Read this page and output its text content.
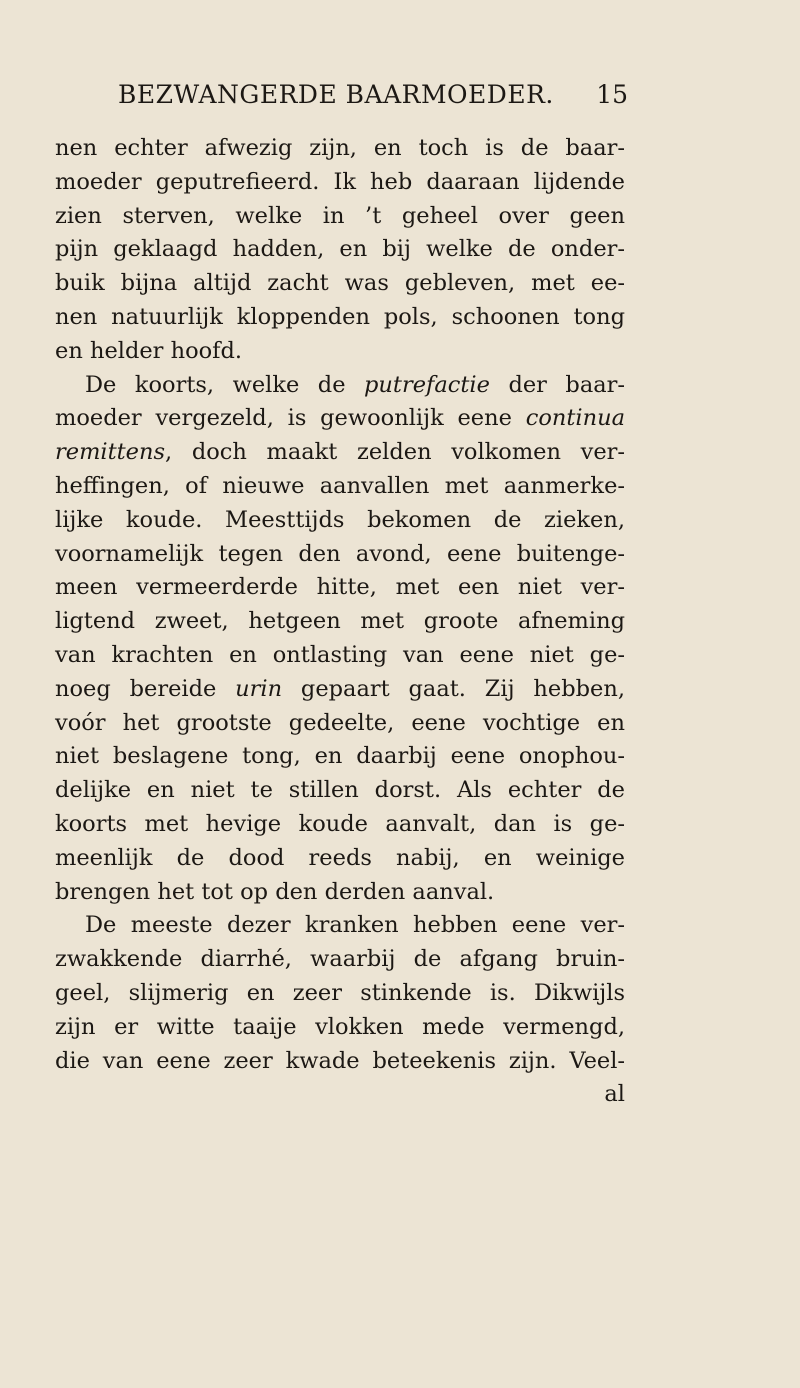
BEZWANGERDE BAARMOEDER. 15
nen echter afwezig zijn, en toch is de baar-
moeder geputrefieerd. Ik heb daaraan lijdende
zien sterven, welke in ’t geheel over geen
pijn geklaagd hadden, en bij welke de onder-
buik bijna altijd zacht was gebleven, met ee-
nen natuurlijk kloppenden pols, schoonen tong
en helder hoofd.
De koorts, welke de putrefactie der baar-
moeder vergezeld, is gewoonlijk eene continua
remittens, doch maakt zelden volkomen ver-
heffingen, of nieuwe aanvallen met aanmerke-
lijke koude. Meesttijds bekomen de zieken,
voornamelijk tegen den avond, eene buitenge-
meen vermeerderde hitte, met een niet ver-
ligtend zweet, hetgeen met groote afneming
van krachten en ontlasting van eene niet ge-
noeg bereide urin gepaart gaat. Zij hebben,
voór het grootste gedeelte, eene vochtige en
niet beslagene tong, en daarbij eene onophou-
delijke en niet te stillen dorst. Als echter de
koorts met hevige koude aanvalt, dan is ge-
meenlijk de dood reeds nabij, en weinige
brengen het tot op den derden aanval.
De meeste dezer kranken hebben eene ver-
zwakkende diarrhé, waarbij de afgang bruin-
geel, slijmerig en zeer stinkende is. Dikwijls
zijn er witte taaije vlokken mede vermengd,
die van eene zeer kwade beteekenis zijn. Veel-
al
